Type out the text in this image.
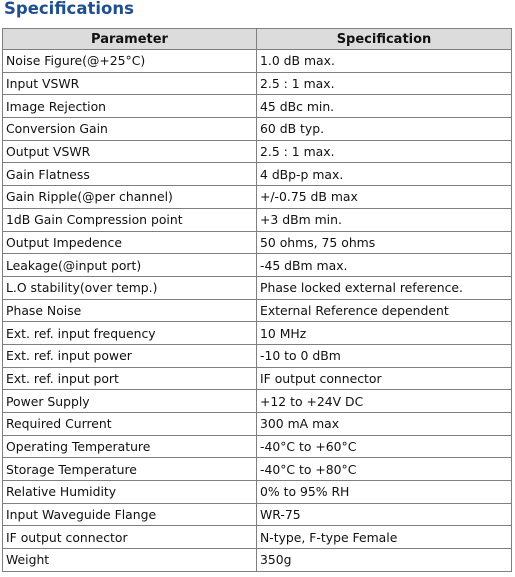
Specifications
Parameter	Specification
Noise Figure(@+25°C)	1.0 dB max.
Input VSWR	2.5 : 1 max.
Image Rejection	45 dBc min.
Conversion Gain	60 dB typ.
Output VSWR	2.5 : 1 max.
Gain Flatness	4 dBp-p max.
Gain Ripple(@per channel)	+/-0.75 dB max
1dB Gain Compression point	+3 dBm min.
Output Impedence	50 ohms, 75 ohms
Leakage(@input port)	-45 dBm max.
L.O stability(over temp.)	Phase locked external reference.
Phase Noise	External Reference dependent
Ext. ref. input frequency	10 MHz
Ext. ref. input power	-10 to 0 dBm
Ext. ref. input port	IF output connector
Power Supply	+12 to +24V DC
Required Current	300 mA max
Operating Temperature	-40°C to +60°C
Storage Temperature	-40°C to +80°C
Relative Humidity	0% to 95% RH
Input Waveguide Flange	WR-75
IF output connector	N-type, F-type Female
Weight	350g
